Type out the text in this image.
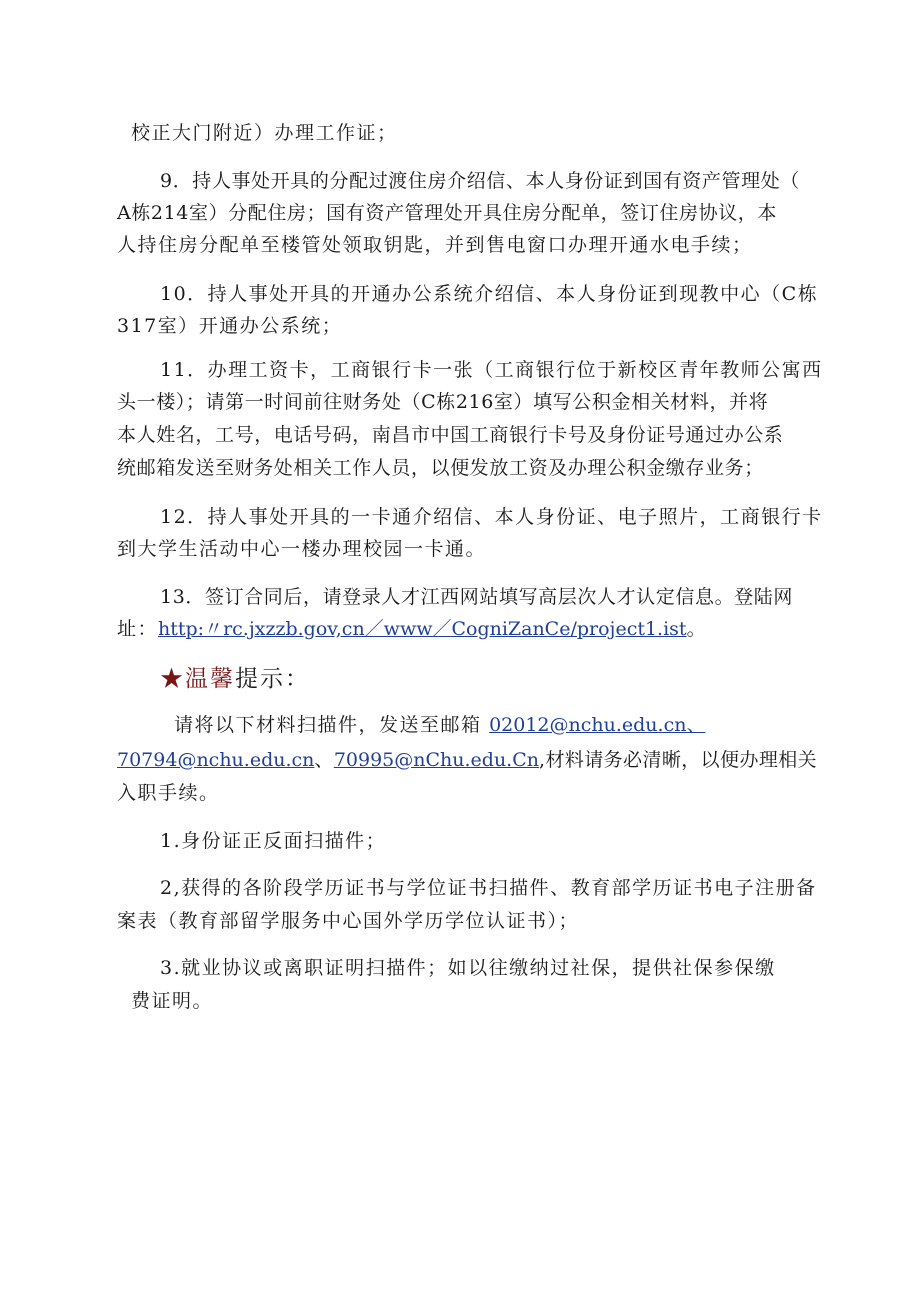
校正大门附近）办理工作证；
9．持人事处开具的分配过渡住房介绍信、本人身份证到国有资产管理处（
A栋214室）分配住房；国有资产管理处开具住房分配单，签订住房协议，本
人持住房分配单至楼管处领取钥匙，并到售电窗口办理开通水电手续；
10．持人事处开具的开通办公系统介绍信、本人身份证到现教中心（C栋
317室）开通办公系统；
11．办理工资卡，工商银行卡一张（工商银行位于新校区青年教师公寓西
头一楼）；请第一时间前往财务处（C栋216室）填写公积金相关材料，并将
本人姓名，工号，电话号码，南昌市中国工商银行卡号及身份证号通过办公系
统邮箱发送至财务处相关工作人员，以便发放工资及办理公积金缴存业务；
12．持人事处开具的一卡通介绍信、本人身份证、电子照片，工商银行卡
到大学生活动中心一楼办理校园一卡通。
13．签订合同后，请登录人才江西网站填写高层次人才认定信息。登陆网
址：http:〃rc.jxzzb.gov,cn／www／CogniZanCe/project1.ist。
★温馨提示：
请将以下材料扫描件，发送至邮箱 02012@nchu.edu.cn、
70794@nchu.edu.cn、70995@nChu.edu.Cn,材料请务必清晰，以便办理相关
入职手续。
1.身份证正反面扫描件；
2,获得的各阶段学历证书与学位证书扫描件、教育部学历证书电子注册备
案表（教育部留学服务中心国外学历学位认证书）；
3.就业协议或离职证明扫描件；如以往缴纳过社保，提供社保参保缴
费证明。
